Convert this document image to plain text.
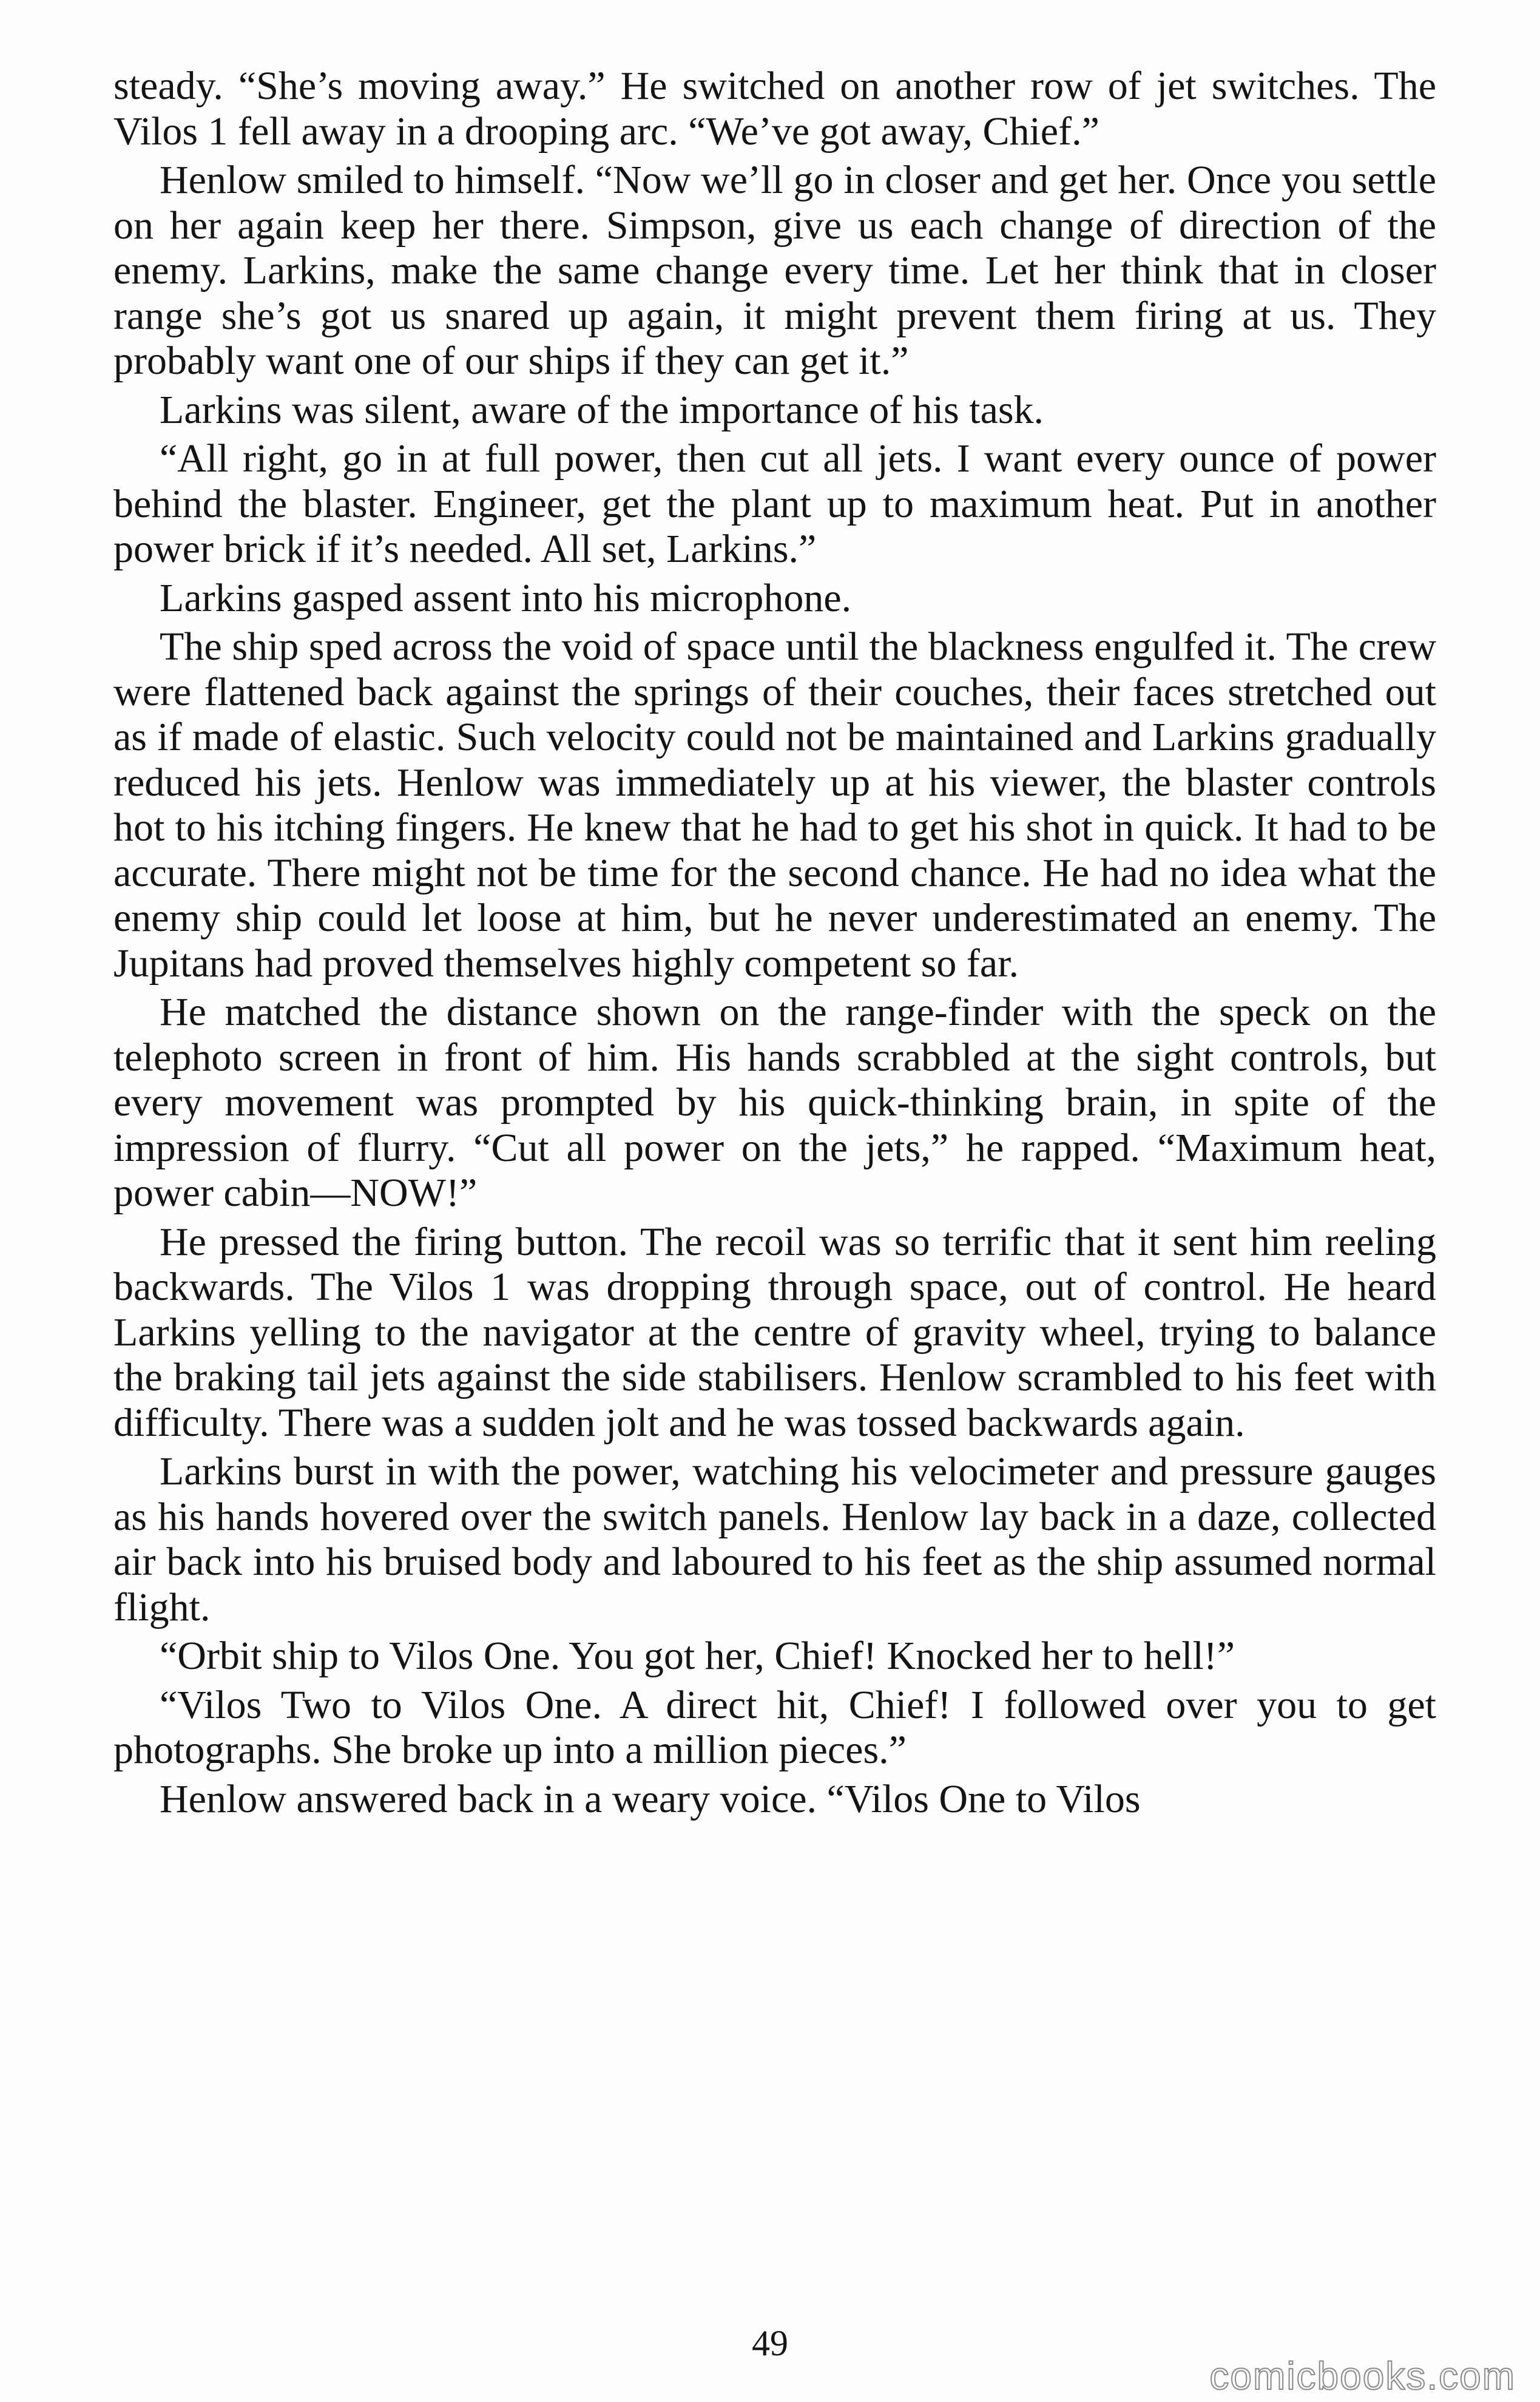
steady. “She’s moving away.” He switched on another row of jet switches. The Vilos 1 fell away in a drooping arc. “We’ve got away, Chief.”

Henlow smiled to himself. “Now we’ll go in closer and get her. Once you settle on her again keep her there. Simpson, give us each change of direction of the enemy. Larkins, make the same change every time. Let her think that in closer range she’s got us snared up again, it might prevent them firing at us. They probably want one of our ships if they can get it.”

Larkins was silent, aware of the importance of his task.

“All right, go in at full power, then cut all jets. I want every ounce of power behind the blaster. Engineer, get the plant up to maximum heat. Put in another power brick if it’s needed. All set, Larkins.”

Larkins gasped assent into his microphone.

The ship sped across the void of space until the blackness engulfed it. The crew were flattened back against the springs of their couches, their faces stretched out as if made of elastic. Such velocity could not be maintained and Larkins gradually reduced his jets. Henlow was immediately up at his viewer, the blaster controls hot to his itching fingers. He knew that he had to get his shot in quick. It had to be accurate. There might not be time for the second chance. He had no idea what the enemy ship could let loose at him, but he never underestimated an enemy. The Jupitans had proved themselves highly competent so far.

He matched the distance shown on the range-finder with the speck on the telephoto screen in front of him. His hands scrabbled at the sight controls, but every movement was prompted by his quick-thinking brain, in spite of the impression of flurry. “Cut all power on the jets,” he rapped. “Maximum heat, power cabin—NOW!”

He pressed the firing button. The recoil was so terrific that it sent him reeling backwards. The Vilos 1 was dropping through space, out of control. He heard Larkins yelling to the navigator at the centre of gravity wheel, trying to balance the braking tail jets against the side stabilisers. Henlow scrambled to his feet with difficulty. There was a sudden jolt and he was tossed backwards again.

Larkins burst in with the power, watching his velocimeter and pressure gauges as his hands hovered over the switch panels. Henlow lay back in a daze, collected air back into his bruised body and laboured to his feet as the ship assumed normal flight.

“Orbit ship to Vilos One. You got her, Chief! Knocked her to hell!”

“Vilos Two to Vilos One. A direct hit, Chief! I followed over you to get photographs. She broke up into a million pieces.”

Henlow answered back in a weary voice. “Vilos One to Vilos

49
comicbooks.com
